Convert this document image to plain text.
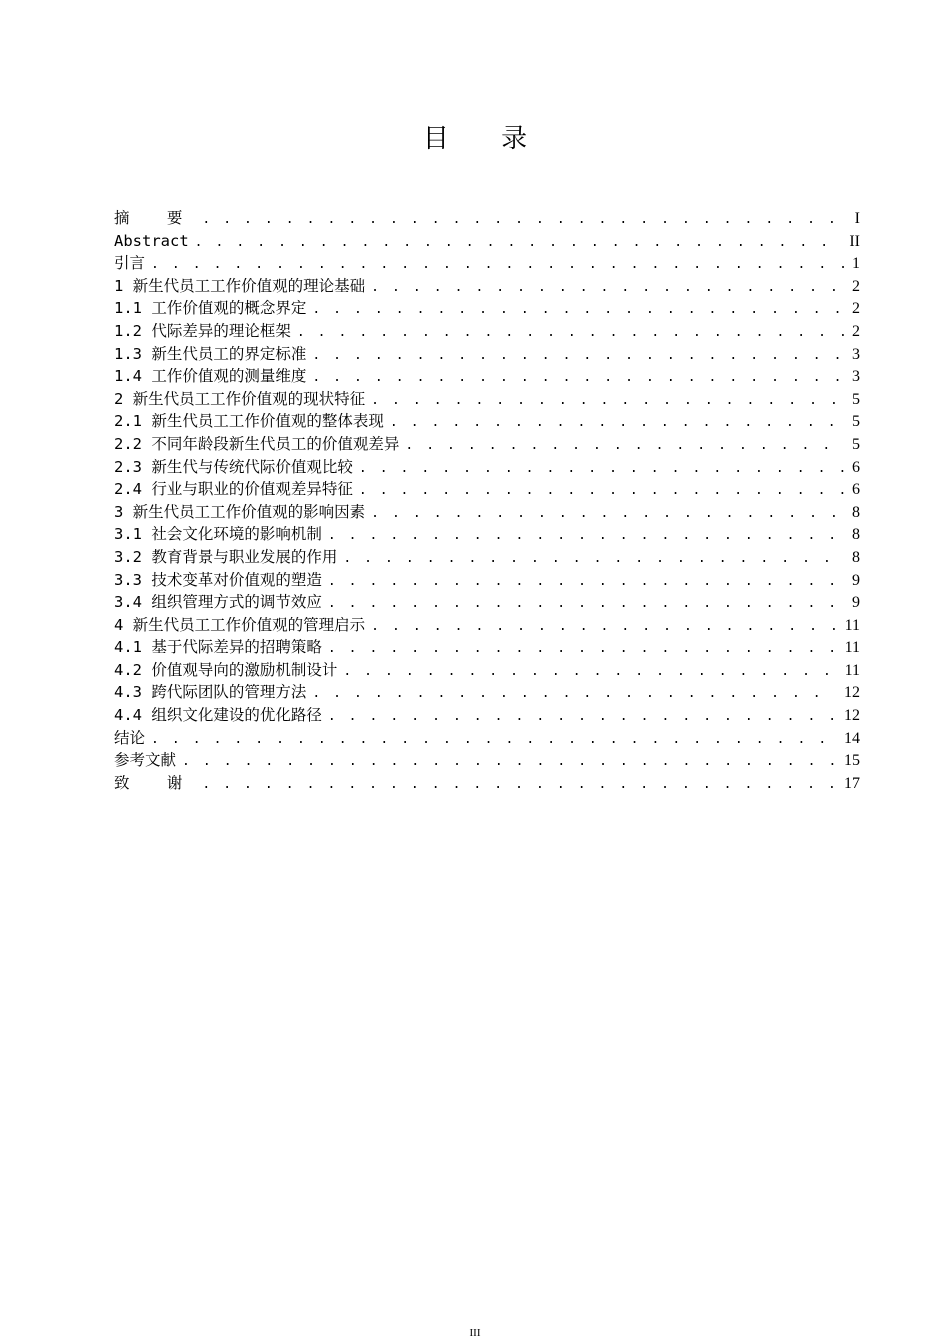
目 录
摘 要 . . .	I
Abstract . . .	II
引言 . . .	1
1 新生代员工工作价值观的理论基础 . . .	2
1.1 工作价值观的概念界定 . . .	2
1.2 代际差异的理论框架 . . .	2
1.3 新生代员工的界定标准 . . .	3
1.4 工作价值观的测量维度 . . .	3
2 新生代员工工作价值观的现状特征 . . .	5
2.1 新生代员工工作价值观的整体表现 . . .	5
2.2 不同年龄段新生代员工的价值观差异 . . .	5
2.3 新生代与传统代际价值观比较 . . .	6
2.4 行业与职业的价值观差异特征 . . .	6
3 新生代员工工作价值观的影响因素 . . .	8
3.1 社会文化环境的影响机制 . . .	8
3.2 教育背景与职业发展的作用 . . .	8
3.3 技术变革对价值观的塑造 . . .	9
3.4 组织管理方式的调节效应 . . .	9
4 新生代员工工作价值观的管理启示 . . .	11
4.1 基于代际差异的招聘策略 . . .	11
4.2 价值观导向的激励机制设计 . . .	11
4.3 跨代际团队的管理方法 . . .	12
4.4 组织文化建设的优化路径 . . .	12
结论 . . .	14
参考文献 . . .	15
致 谢 . . .	17
III
